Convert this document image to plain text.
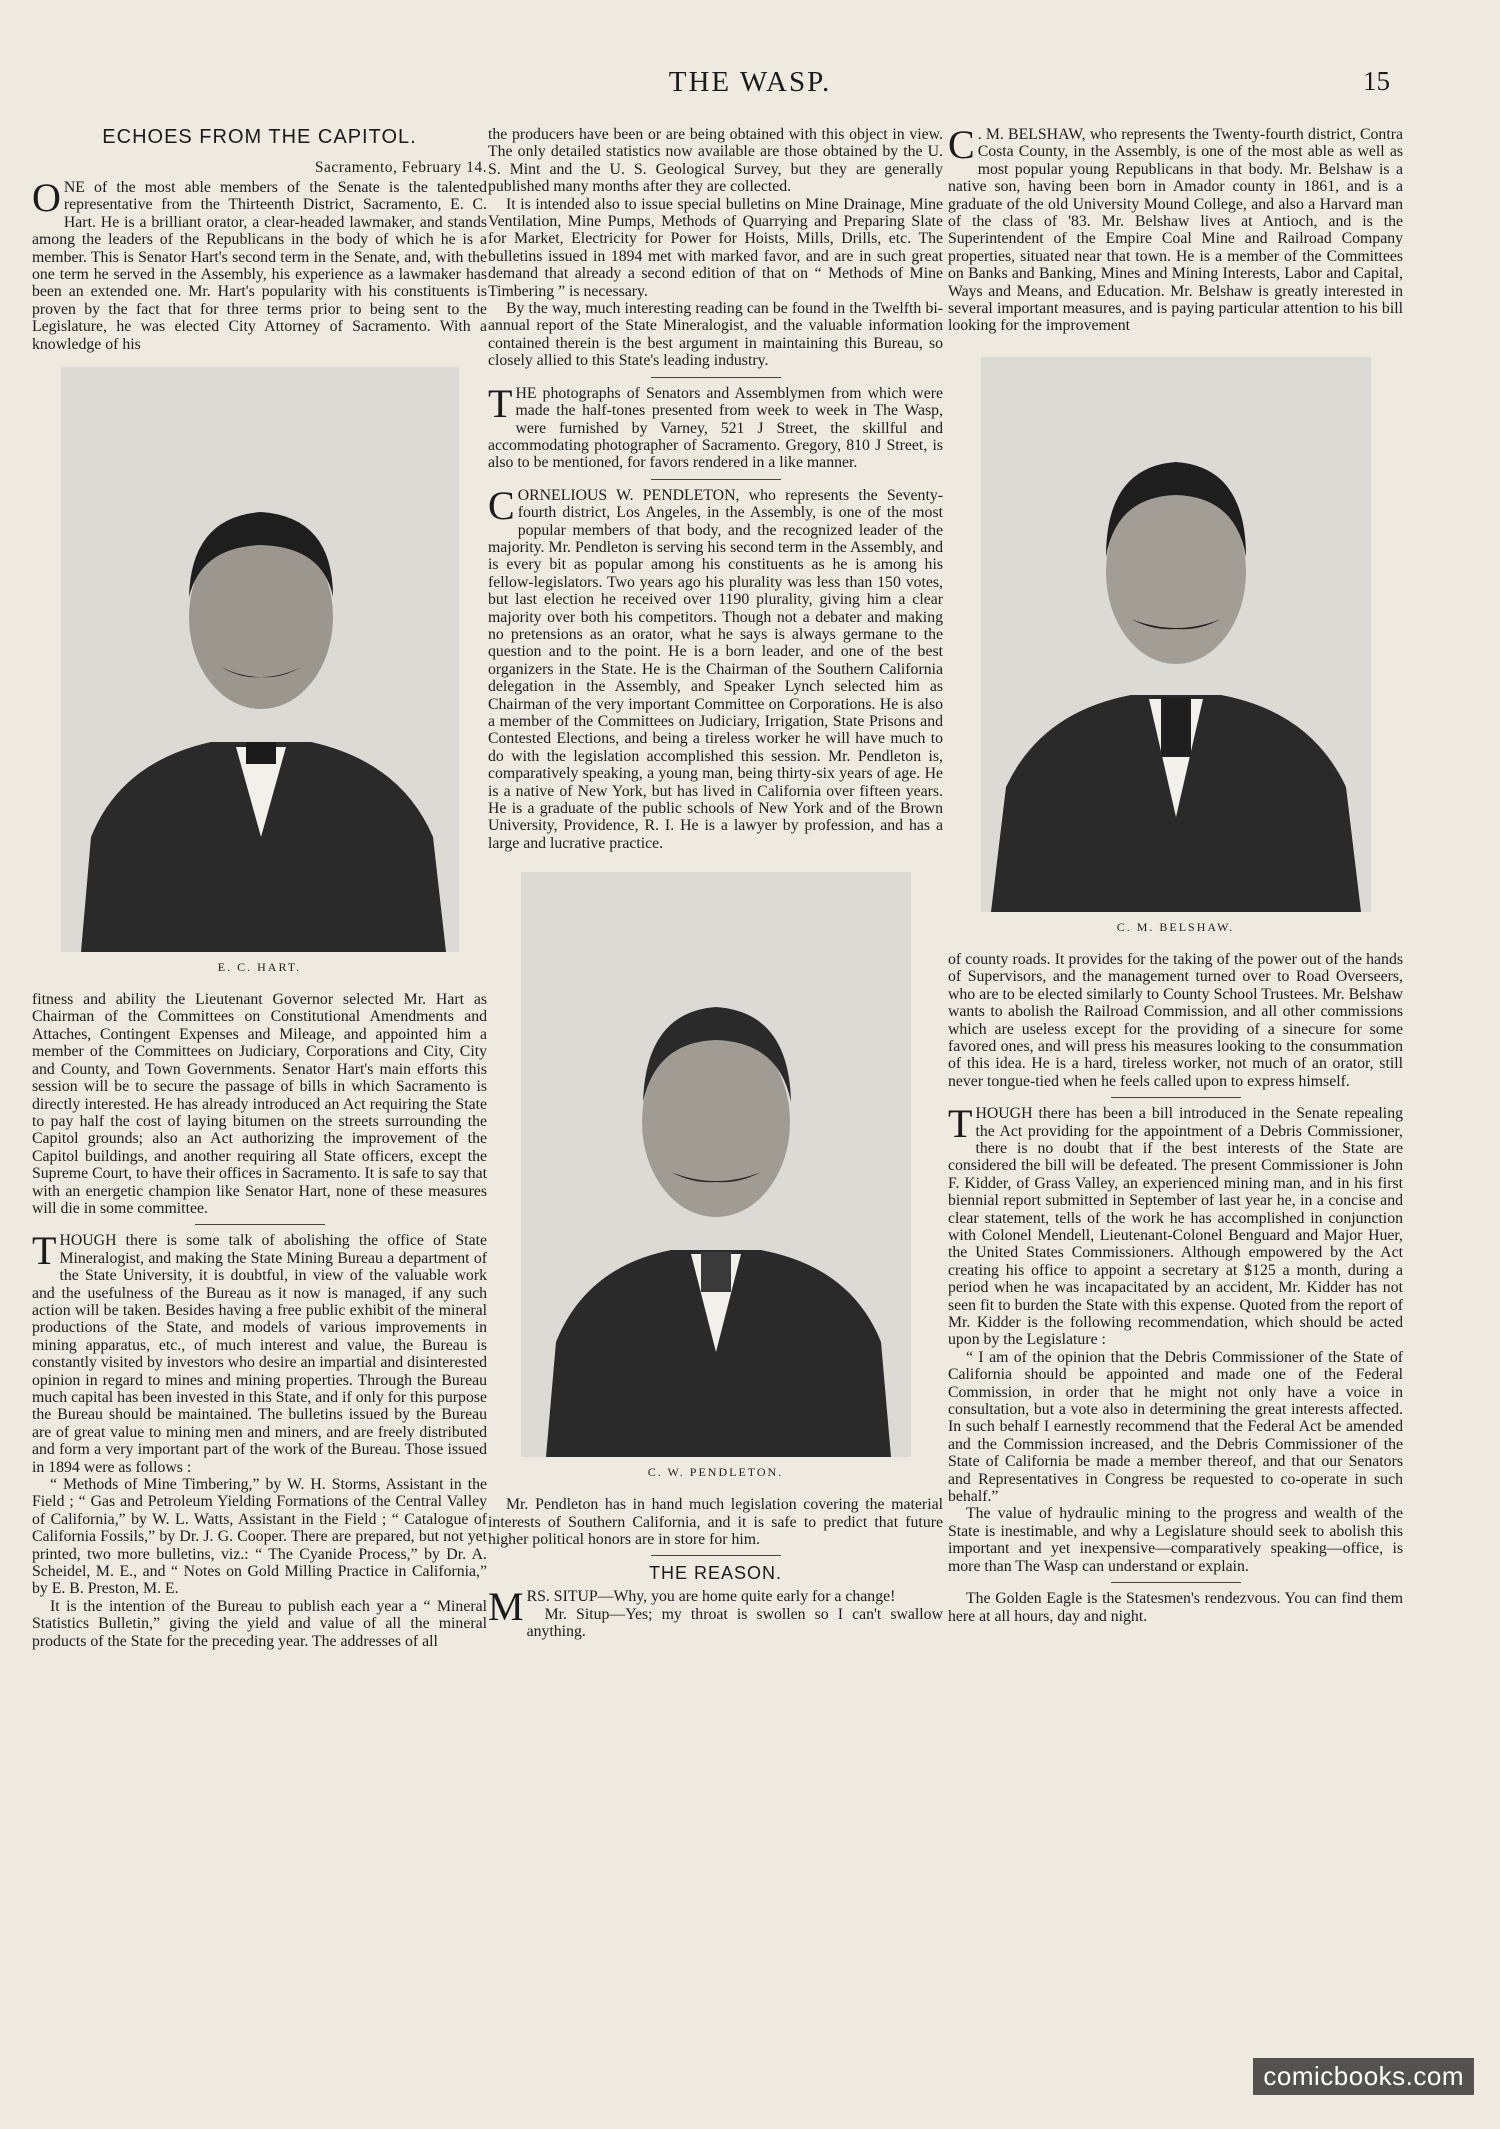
THE WASP.	15
ECHOES FROM THE CAPITOL.
Sacramento, February 14.

ONE of the most able members of the Senate is the talented representative from the Thirteenth District, Sacramento, E. C. Hart. He is a brilliant orator, a clear-headed lawmaker, and stands among the leaders of the Republicans in the body of which he is a member. This is Senator Hart's second term in the Senate, and, with the one term he served in the Assembly, his experience as a lawmaker has been an extended one. Mr. Hart's popularity with his constituents is proven by the fact that for three terms prior to being sent to the Legislature, he was elected City Attorney of Sacramento. With a knowledge of his

E. C. HART.

fitness and ability the Lieutenant Governor selected Mr. Hart as Chairman of the Committees on Constitutional Amendments and Attaches, Contingent Expenses and Mileage, and appointed him a member of the Committees on Judiciary, Corporations and City, City and County, and Town Governments. Senator Hart's main efforts this session will be to secure the passage of bills in which Sacramento is directly interested. He has already introduced an Act requiring the State to pay half the cost of laying bitumen on the streets surrounding the Capitol grounds; also an Act authorizing the improvement of the Capitol buildings, and another requiring all State officers, except the Supreme Court, to have their offices in Sacramento. It is safe to say that with an energetic champion like Senator Hart, none of these measures will die in some committee.

THOUGH there is some talk of abolishing the office of State Mineralogist, and making the State Mining Bureau a department of the State University, it is doubtful, in view of the valuable work and the usefulness of the Bureau as it now is managed, if any such action will be taken. Besides having a free public exhibit of the mineral productions of the State, and models of various improvements in mining apparatus, etc., of much interest and value, the Bureau is constantly visited by investors who desire an impartial and disinterested opinion in regard to mines and mining properties. Through the Bureau much capital has been invested in this State, and if only for this purpose the Bureau should be maintained. The bulletins issued by the Bureau are of great value to mining men and miners, and are freely distributed and form a very important part of the work of the Bureau. Those issued in 1894 were as follows :

“ Methods of Mine Timbering,” by W. H. Storms, Assistant in the Field ; “ Gas and Petroleum Yielding Formations of the Central Valley of California,” by W. L. Watts, Assistant in the Field ; “ Catalogue of California Fossils,” by Dr. J. G. Cooper. There are prepared, but not yet printed, two more bulletins, viz.: “ The Cyanide Process,” by Dr. A. Scheidel, M. E., and “ Notes on Gold Milling Practice in California,” by E. B. Preston, M. E.

It is the intention of the Bureau to publish each year a “ Mineral Statistics Bulletin,” giving the yield and value of all the mineral products of the State for the preceding year. The addresses of all

the producers have been or are being obtained with this object in view. The only detailed statistics now available are those obtained by the U. S. Mint and the U. S. Geological Survey, but they are generally published many months after they are collected.

It is intended also to issue special bulletins on Mine Drainage, Mine Ventilation, Mine Pumps, Methods of Quarrying and Preparing Slate for Market, Electricity for Power for Hoists, Mills, Drills, etc. The bulletins issued in 1894 met with marked favor, and are in such great demand that already a second edition of that on “ Methods of Mine Timbering ” is necessary.

By the way, much interesting reading can be found in the Twelfth bi-annual report of the State Mineralogist, and the valuable information contained therein is the best argument in maintaining this Bureau, so closely allied to this State's leading industry.

THE photographs of Senators and Assemblymen from which were made the half-tones presented from week to week in The Wasp, were furnished by Varney, 521 J Street, the skillful and accommodating photographer of Sacramento. Gregory, 810 J Street, is also to be mentioned, for favors rendered in a like manner.

CORNELIOUS W. PENDLETON, who represents the Seventy-fourth district, Los Angeles, in the Assembly, is one of the most popular members of that body, and the recognized leader of the majority. Mr. Pendleton is serving his second term in the Assembly, and is every bit as popular among his constituents as he is among his fellow-legislators. Two years ago his plurality was less than 150 votes, but last election he received over 1190 plurality, giving him a clear majority over both his competitors. Though not a debater and making no pretensions as an orator, what he says is always germane to the question and to the point. He is a born leader, and one of the best organizers in the State. He is the Chairman of the Southern California delegation in the Assembly, and Speaker Lynch selected him as Chairman of the very important Committee on Corporations. He is also a member of the Committees on Judiciary, Irrigation, State Prisons and Contested Elections, and being a tireless worker he will have much to do with the legislation accomplished this session. Mr. Pendleton is, comparatively speaking, a young man, being thirty-six years of age. He is a native of New York, but has lived in California over fifteen years. He is a graduate of the public schools of New York and of the Brown University, Providence, R. I. He is a lawyer by profession, and has a large and lucrative practice.

C. W. PENDLETON.

Mr. Pendleton has in hand much legislation covering the material interests of Southern California, and it is safe to predict that future higher political honors are in store for him.

THE REASON.

MRS. SITUP—Why, you are home quite early for a change!

Mr. Situp—Yes; my throat is swollen so I can't swallow anything.

C . M. BELSHAW, who represents the Twenty-fourth district, Contra Costa County, in the Assembly, is one of the most able as well as most popular young Republicans in that body. Mr. Belshaw is a native son, having been born in Amador county in 1861, and is a graduate of the old University Mound College, and also a Harvard man of the class of '83. Mr. Belshaw lives at Antioch, and is the Superintendent of the Empire Coal Mine and Railroad Company properties, situated near that town. He is a member of the Committees on Banks and Banking, Mines and Mining Interests, Labor and Capital, Ways and Means, and Education. Mr. Belshaw is greatly interested in several important measures, and is paying particular attention to his bill looking for the improvement

C. M. BELSHAW.

of county roads. It provides for the taking of the power out of the hands of Supervisors, and the management turned over to Road Overseers, who are to be elected similarly to County School Trustees. Mr. Belshaw wants to abolish the Railroad Commission, and all other commissions which are useless except for the providing of a sinecure for some favored ones, and will press his measures looking to the consummation of this idea. He is a hard, tireless worker, not much of an orator, still never tongue-tied when he feels called upon to express himself.

THOUGH there has been a bill introduced in the Senate repealing the Act providing for the appointment of a Debris Commissioner, there is no doubt that if the best interests of the State are considered the bill will be defeated. The present Commissioner is John F. Kidder, of Grass Valley, an experienced mining man, and in his first biennial report submitted in September of last year he, in a concise and clear statement, tells of the work he has accomplished in conjunction with Colonel Mendell, Lieutenant-Colonel Benguard and Major Huer, the United States Commissioners. Although empowered by the Act creating his office to appoint a secretary at $125 a month, during a period when he was incapacitated by an accident, Mr. Kidder has not seen fit to burden the State with this expense. Quoted from the report of Mr. Kidder is the following recommendation, which should be acted upon by the Legislature :

“ I am of the opinion that the Debris Commissioner of the State of California should be appointed and made one of the Federal Commission, in order that he might not only have a voice in consultation, but a vote also in determining the great interests affected. In such behalf I earnestly recommend that the Federal Act be amended and the Commission increased, and the Debris Commissioner of the State of California be made a member thereof, and that our Senators and Representatives in Congress be requested to co-operate in such behalf.”

The value of hydraulic mining to the progress and wealth of the State is inestimable, and why a Legislature should seek to abolish this important and yet inexpensive—comparatively speaking—office, is more than The Wasp can understand or explain.

The Golden Eagle is the Statesmen's rendezvous. You can find them here at all hours, day and night.

comicbooks.com
